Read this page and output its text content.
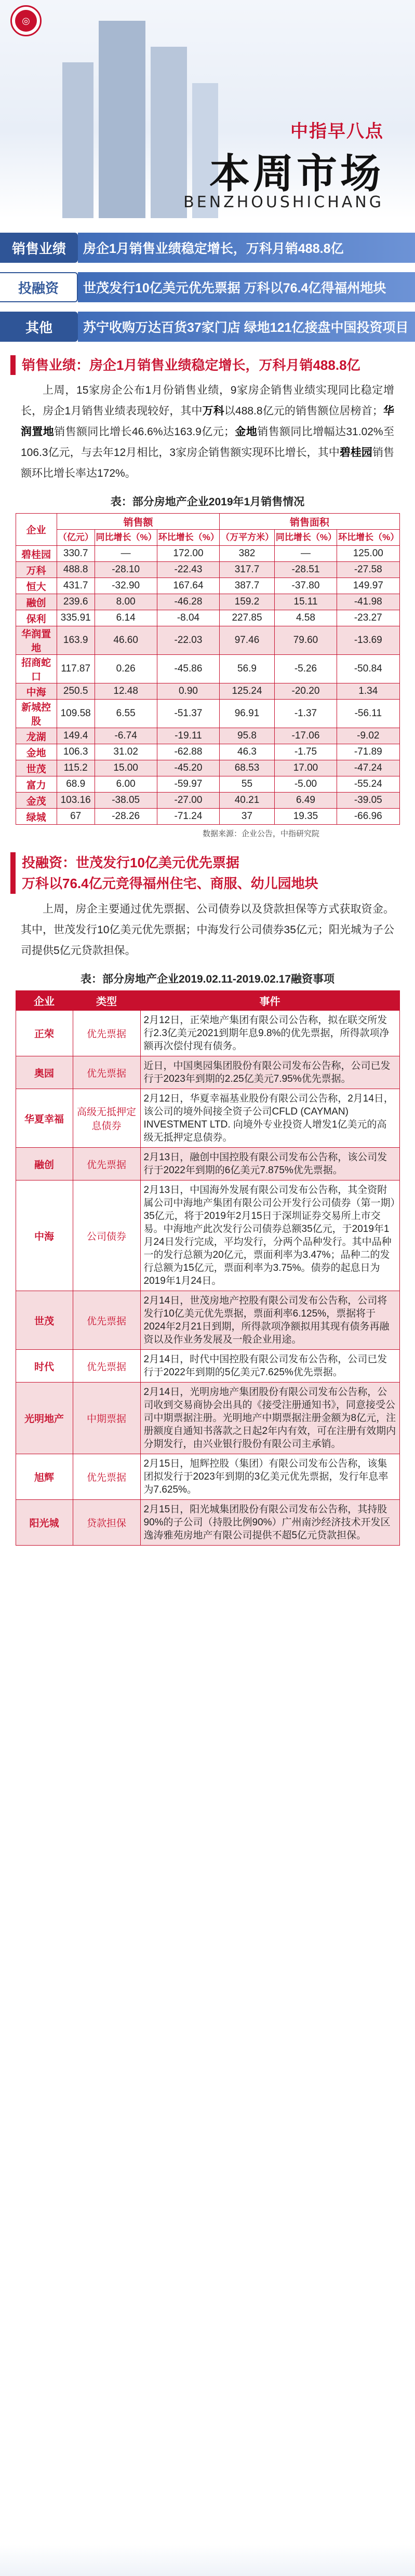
◎
中指早八点
本周市场
BENZHOUSHICHANG
销售业绩	房企1月销售业绩稳定增长，万科月销488.8亿
投融资	世茂发行10亿美元优先票据 万科以76.4亿得福州地块
其他	苏宁收购万达百货37家门店 绿地121亿接盘中国投资项目
销售业绩：房企1月销售业绩稳定增长，万科月销488.8亿

上周，15家房企公布1月份销售业绩，9家房企销售业绩实现同比稳定增长，房企1月销售业绩表现较好，其中万科以488.8亿元的销售额位居榜首；华润置地销售额同比增长46.6%达163.9亿元；金地销售额同比增幅达31.02%至106.3亿元，与去年12月相比，3家房企销售额实现环比增长，其中碧桂园销售额环比增长率达172%。

表：部分房地产企业2019年1月销售情况
企业	销售额			销售面积		
	（亿元）	同比增长（%）	环比增长（%）	（万平方米）	同比增长（%）	环比增长（%）
碧桂园	330.7	—	172.00	382	—	125.00
万科	488.8	-28.10	-22.43	317.7	-28.51	-27.58
恒大	431.7	-32.90	167.64	387.7	-37.80	149.97
融创	239.6	8.00	-46.28	159.2	15.11	-41.98
保利	335.91	6.14	-8.04	227.85	4.58	-23.27
华润置地	163.9	46.60	-22.03	97.46	79.60	-13.69
招商蛇口	117.87	0.26	-45.86	56.9	-5.26	-50.84
中海	250.5	12.48	0.90	125.24	-20.20	1.34
新城控股	109.58	6.55	-51.37	96.91	-1.37	-56.11
龙湖	149.4	-6.74	-19.11	95.8	-17.06	-9.02
金地	106.3	31.02	-62.88	46.3	-1.75	-71.89
世茂	115.2	15.00	-45.20	68.53	17.00	-47.24
富力	68.9	6.00	-59.97	55	-5.00	-55.24
金茂	103.16	-38.05	-27.00	40.21	6.49	-39.05
绿城	67	-28.26	-71.24	37	19.35	-66.96
数据来源：企业公告，中指研究院
投融资：世茂发行10亿美元优先票据
万科以76.4亿元竞得福州住宅、商服、幼儿园地块

上周，房企主要通过优先票据、公司债券以及贷款担保等方式获取资金。其中，世茂发行10亿美元优先票据；中海发行公司债券35亿元；阳光城为子公司提供5亿元贷款担保。

表：部分房地产企业2019.02.11-2019.02.17融资事项
企业	类型	事件
正荣	优先票据	2月12日，正荣地产集团有限公司公告称，拟在联交所发行2.3亿美元2021到期年息9.8%的优先票据，所得款项净额再次偿付现有债务。
奥园	优先票据	近日，中国奥园集团股份有限公司发布公告称，公司已发行于2023年到期的2.25亿美元7.95%优先票据。
华夏幸福	高级无抵押定息债券	2月12日，华夏幸福基业股份有限公司公告称，2月14日，该公司的境外间接全资子公司CFLD (CAYMAN) INVESTMENT LTD. 向境外专业投资人增发1亿美元的高级无抵押定息债券。
融创	优先票据	2月13日，融创中国控股有限公司发布公告称，该公司发行于2022年到期的6亿美元7.875%优先票据。
中海	公司债券	2月13日，中国海外发展有限公司发布公告称，其全资附属公司中海地产集团有限公司公开发行公司债券（第一期）35亿元，将于2019年2月15日于深圳证券交易所上市交易。中海地产此次发行公司债券总额35亿元，于2019年1月24日发行完成，平均发行，分两个品种发行。其中品种一的发行总额为20亿元，票面利率为3.47%；品种二的发行总额为15亿元，票面利率为3.75%。债券的起息日为2019年1月24日。
世茂	优先票据	2月14日，世茂房地产控股有限公司发布公告称，公司将发行10亿美元优先票据，票面利率6.125%，票据将于2024年2月21日到期，所得款项净额拟用其现有债务再融资以及作业务发展及一般企业用途。
时代	优先票据	2月14日，时代中国控股有限公司发布公告称，公司已发行于2022年到期的5亿美元7.625%优先票据。
光明地产	中期票据	2月14日，光明房地产集团股份有限公司发布公告称，公司收到交易商协会出具的《接受注册通知书》，同意接受公司中期票据注册。光明地产中期票据注册金额为8亿元，注册额度自通知书落款之日起2年内有效，可在注册有效期内分期发行，由兴业银行股份有限公司主承销。
旭辉	优先票据	2月15日，旭辉控股（集团）有限公司发布公告称，该集团拟发行于2023年到期的3亿美元优先票据，发行年息率为7.625%。
阳光城	贷款担保	2月15日，阳光城集团股份有限公司发布公告称，其持股90%的子公司（持股比例90%）广州南沙经济技术开发区逸涛雅苑房地产有限公司提供不超5亿元贷款担保。
